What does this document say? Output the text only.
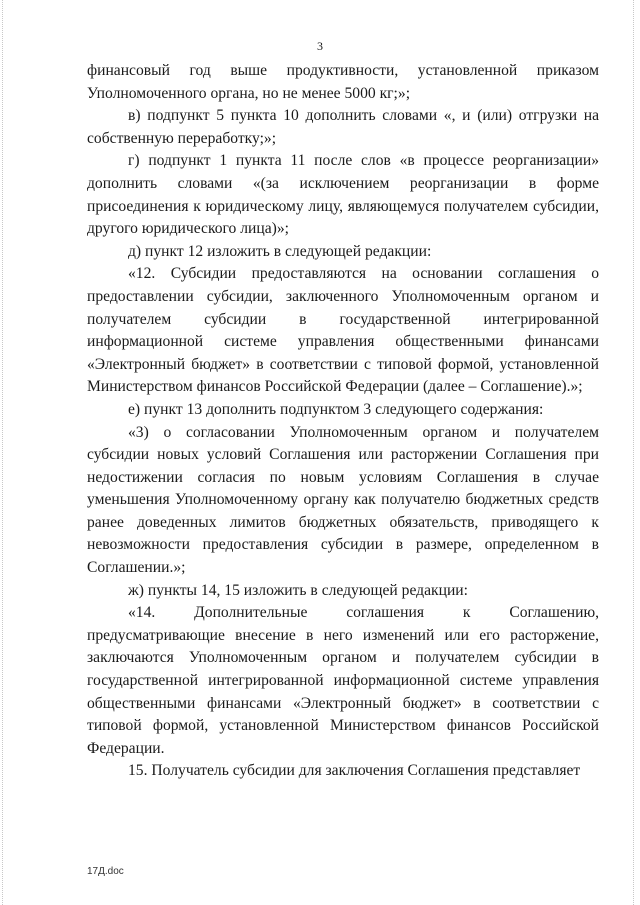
3

финансовый год выше продуктивности, установленной приказом Уполномоченного органа, но не менее 5000 кг;»;

в) подпункт 5 пункта 10 дополнить словами «, и (или) отгрузки на собственную переработку;»;

г) подпункт 1 пункта 11 после слов «в процессе реорганизации» дополнить словами «(за исключением реорганизации в форме присоединения к юридическому лицу, являющемуся получателем субсидии, другого юридического лица)»;

д) пункт 12 изложить в следующей редакции:

«12. Субсидии предоставляются на основании соглашения о предоставлении субсидии, заключенного Уполномоченным органом и получателем субсидии в государственной интегрированной информационной системе управления общественными финансами «Электронный бюджет» в соответствии с типовой формой, установленной Министерством финансов Российской Федерации (далее – Соглашение).»;

е) пункт 13 дополнить подпунктом 3 следующего содержания:

«3) о согласовании Уполномоченным органом и получателем субсидии новых условий Соглашения или расторжении Соглашения при недостижении согласия по новым условиям Соглашения в случае уменьшения Уполномоченному органу как получателю бюджетных средств ранее доведенных лимитов бюджетных обязательств, приводящего к невозможности предоставления субсидии в размере, определенном в Соглашении.»;

ж) пункты 14, 15 изложить в следующей редакции:

«14. Дополнительные соглашения к Соглашению, предусматривающие внесение в него изменений или его расторжение, заключаются Уполномоченным органом и получателем субсидии в государственной интегрированной информационной системе управления общественными финансами «Электронный бюджет» в соответствии с типовой формой, установленной Министерством финансов Российской Федерации.

15. Получатель субсидии для заключения Соглашения представляет

17Д.doc
